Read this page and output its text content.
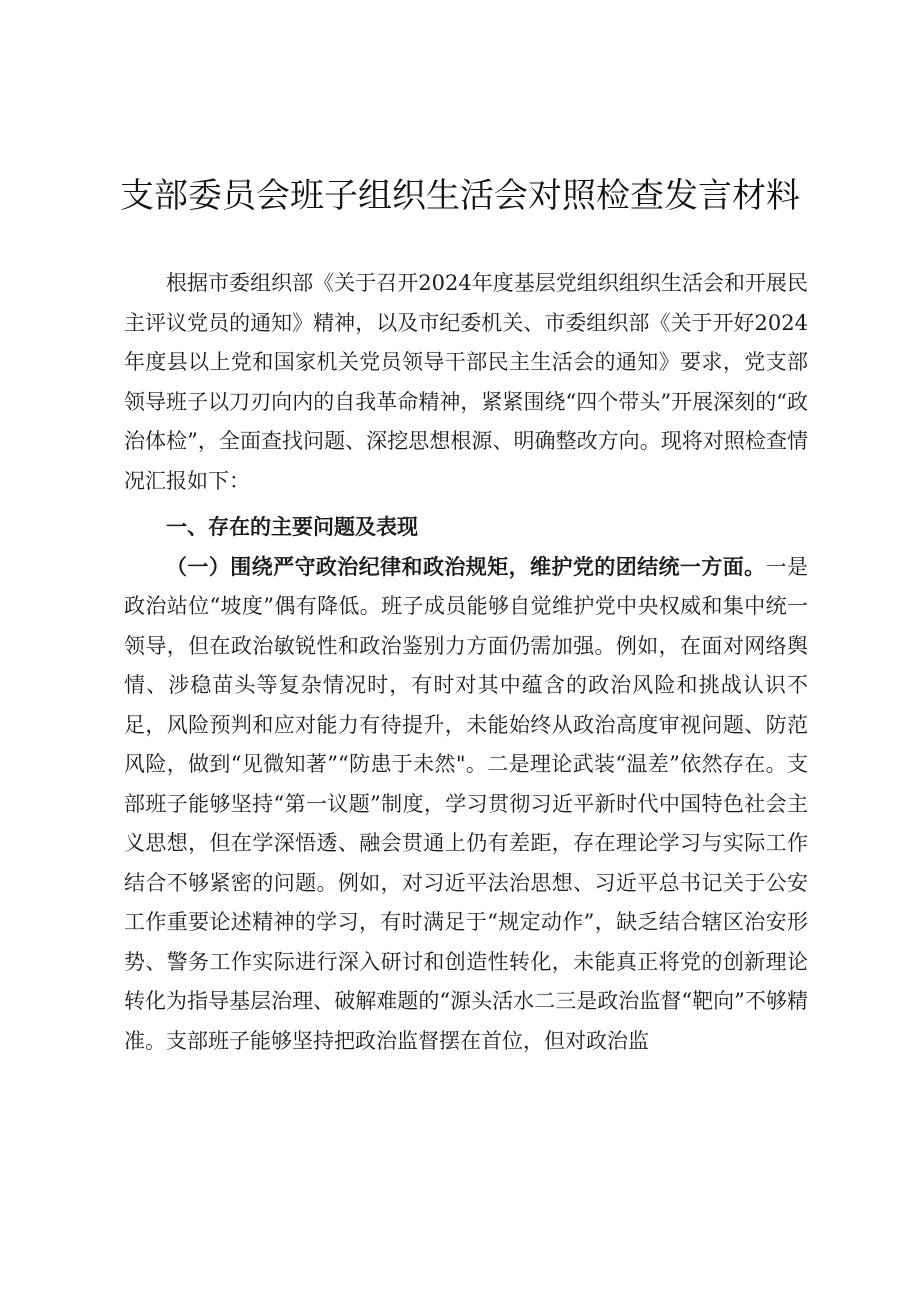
支部委员会班子组织生活会对照检查发言材料

根据市委组织部《关于召开2024年度基层党组织组织生活会和开展民主评议党员的通知》精神，以及市纪委机关、市委组织部《关于开好2024年度县以上党和国家机关党员领导干部民主生活会的通知》要求，党支部领导班子以刀刃向内的自我革命精神，紧紧围绕“四个带头”开展深刻的“政治体检”，全面查找问题、深挖思想根源、明确整改方向。现将对照检查情况汇报如下：

一、存在的主要问题及表现

（一）围绕严守政治纪律和政治规矩，维护党的团结统一方面。一是政治站位“坡度”偶有降低。班子成员能够自觉维护党中央权威和集中统一领导，但在政治敏锐性和政治鉴别力方面仍需加强。例如，在面对网络舆情、涉稳苗头等复杂情况时，有时对其中蕴含的政治风险和挑战认识不足，风险预判和应对能力有待提升，未能始终从政治高度审视问题、防范风险，做到“见微知著”“防患于未然"。二是理论武装“温差”依然存在。支部班子能够坚持“第一议题”制度，学习贯彻习近平新时代中国特色社会主义思想，但在学深悟透、融会贯通上仍有差距，存在理论学习与实际工作结合不够紧密的问题。例如，对习近平法治思想、习近平总书记关于公安工作重要论述精神的学习，有时满足于“规定动作”，缺乏结合辖区治安形势、警务工作实际进行深入研讨和创造性转化，未能真正将党的创新理论转化为指导基层治理、破解难题的“源头活水二三是政治监督“靶向”不够精准。支部班子能够坚持把政治监督摆在首位，但对政治监
